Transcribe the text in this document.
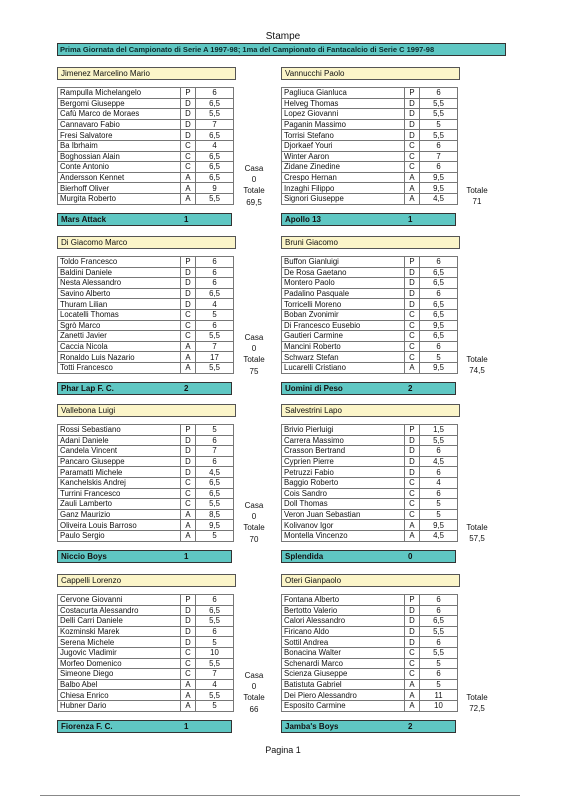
Stampe
Prima Giornata del Campionato di Serie A 1997-98; 1ma del Campionato di Fantacalcio di Serie C 1997-98
Jimenez Marcelino Mario
Rampulla Michelangelo	P	6
Bergomi Giuseppe	D	6,5
Cafù Marco de Moraes	D	5,5
Cannavaro Fabio	D	7
Fresi Salvatore	D	6,5
Ba Ibrhaim	C	4
Boghossian Alain	C	6,5
Conte Antonio	C	6,5
Andersson Kennet	A	6,5
Bierhoff Oliver	A	9
Murgita Roberto	A	5,5
Casa
0
Totale
69,5
Mars Attack	1
Vannucchi Paolo
Pagliuca Gianluca	P	6
Helveg Thomas	D	5,5
Lopez Giovanni	D	5,5
Paganin Massimo	D	5
Torrisi Stefano	D	5,5
Djorkaef Youri	C	6
Winter Aaron	C	7
Zidane Zinedine	C	6
Crespo Hernan	A	9,5
Inzaghi Filippo	A	9,5
Signori Giuseppe	A	4,5
Totale
71
Apollo 13	1
Di Giacomo Marco
Toldo Francesco	P	6
Baldini Daniele	D	6
Nesta Alessandro	D	6
Savino Alberto	D	6,5
Thuram Lilian	D	4
Locatelli Thomas	C	5
Sgrò Marco	C	6
Zanetti Javier	C	5,5
Caccia Nicola	A	7
Ronaldo Luis Nazario	A	17
Totti Francesco	A	5,5
Casa
0
Totale
75
Phar Lap F. C.	2
Bruni Giacomo
Buffon Gianluigi	P	6
De Rosa Gaetano	D	6,5
Montero Paolo	D	6,5
Padalino Pasquale	D	6
Torricelli Moreno	D	6,5
Boban Zvonimir	C	6,5
Di Francesco Eusebio	C	9,5
Gautieri Carmine	C	6,5
Mancini Roberto	C	6
Schwarz Stefan	C	5
Lucarelli Cristiano	A	9,5
Totale
74,5
Uomini di Peso	2
Vallebona Luigi
Rossi Sebastiano	P	5
Adani Daniele	D	6
Candela Vincent	D	7
Pancaro Giuseppe	D	6
Paramatti Michele	D	4,5
Kanchelskis Andrej	C	6,5
Turrini Francesco	C	6,5
Zauli Lamberto	C	5,5
Ganz Maurizio	A	8,5
Oliveira Louis Barroso	A	9,5
Paulo Sergio	A	5
Casa
0
Totale
70
Niccio Boys	1
Salvestrini Lapo
Brivio Pierluigi	P	1,5
Carrera Massimo	D	5,5
Crasson Bertrand	D	6
Cyprien Pierre	D	4,5
Petruzzi Fabio	D	6
Baggio Roberto	C	4
Cois Sandro	C	6
Doll Thomas	C	5
Veron Juan Sebastian	C	5
Kolivanov Igor	A	9,5
Montella Vincenzo	A	4,5
Totale
57,5
Splendida	0
Cappelli Lorenzo
Cervone Giovanni	P	6
Costacurta Alessandro	D	6,5
Delli Carri Daniele	D	5,5
Kozminski Marek	D	6
Serena Michele	D	5
Jugovic Vladimir	C	10
Morfeo Domenico	C	5,5
Simeone Diego	C	7
Balbo Abel	A	4
Chiesa Enrico	A	5,5
Hubner Dario	A	5
Casa
0
Totale
66
Fiorenza F. C.	1
Oteri Gianpaolo
Fontana Alberto	P	6
Bertotto Valerio	D	6
Calori Alessandro	D	6,5
Firicano Aldo	D	5,5
Sottil Andrea	D	6
Bonacina Walter	C	5,5
Schenardi Marco	C	5
Scienza Giuseppe	C	6
Batistuta Gabriel	A	5
Dei Piero Alessandro	A	11
Esposito Carmine	A	10
Totale
72,5
Jamba's Boys	2
Pagina 1
